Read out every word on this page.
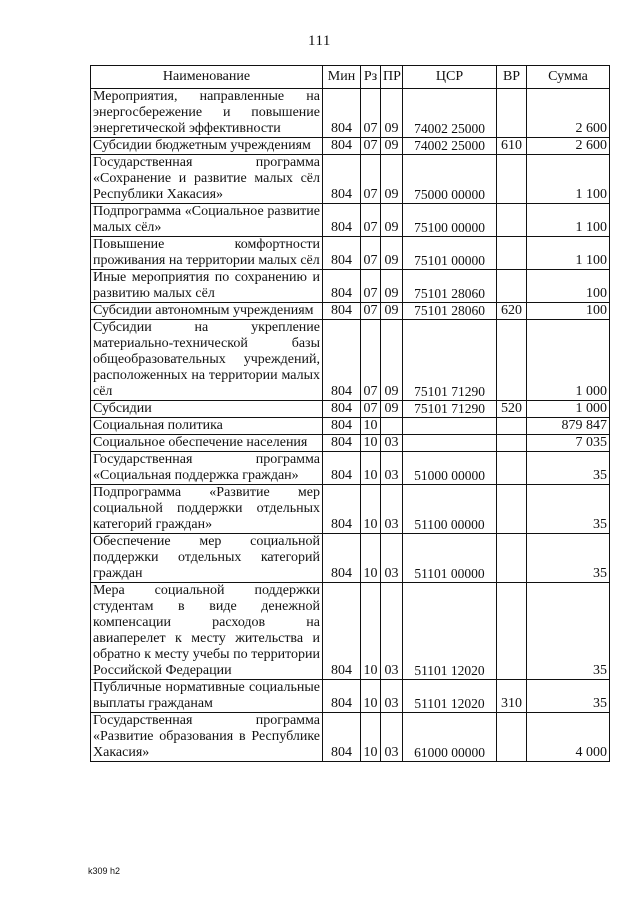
111
Наименование	Мин	Рз	ПР	ЦСР	ВР	Сумма
Мероприятия, направленные на энергосбережение и повышение энергетической эффективности	804	07	09	74002 25000		2 600
Субсидии бюджетным учреждениям	804	07	09	74002 25000	610	2 600
Государственная программа «Сохранение и развитие малых сёл Республики Хакасия»	804	07	09	75000 00000		1 100
Подпрограмма «Социальное развитие малых сёл»	804	07	09	75100 00000		1 100
Повышение комфортности проживания на территории малых сёл	804	07	09	75101 00000		1 100
Иные мероприятия по сохранению и развитию малых сёл	804	07	09	75101 28060		100
Субсидии автономным учреждениям	804	07	09	75101 28060	620	100
Субсидии на укрепление материально-технической базы общеобразовательных учреждений, расположенных на территории малых сёл	804	07	09	75101 71290		1 000
Субсидии	804	07	09	75101 71290	520	1 000
Социальная политика	804	10				879 847
Социальное обеспечение населения	804	10	03			7 035
Государственная программа «Социальная поддержка граждан»	804	10	03	51000 00000		35
Подпрограмма «Развитие мер социальной поддержки отдельных категорий граждан»	804	10	03	51100 00000		35
Обеспечение мер социальной поддержки отдельных категорий граждан	804	10	03	51101 00000		35
Мера социальной поддержки студентам в виде денежной компенсации расходов на авиаперелет к месту жительства и обратно к месту учебы по территории Российской Федерации	804	10	03	51101 12020		35
Публичные нормативные социальные выплаты гражданам	804	10	03	51101 12020	310	35
Государственная программа «Развитие образования в Республике Хакасия»	804	10	03	61000 00000		4 000
k309 h2
